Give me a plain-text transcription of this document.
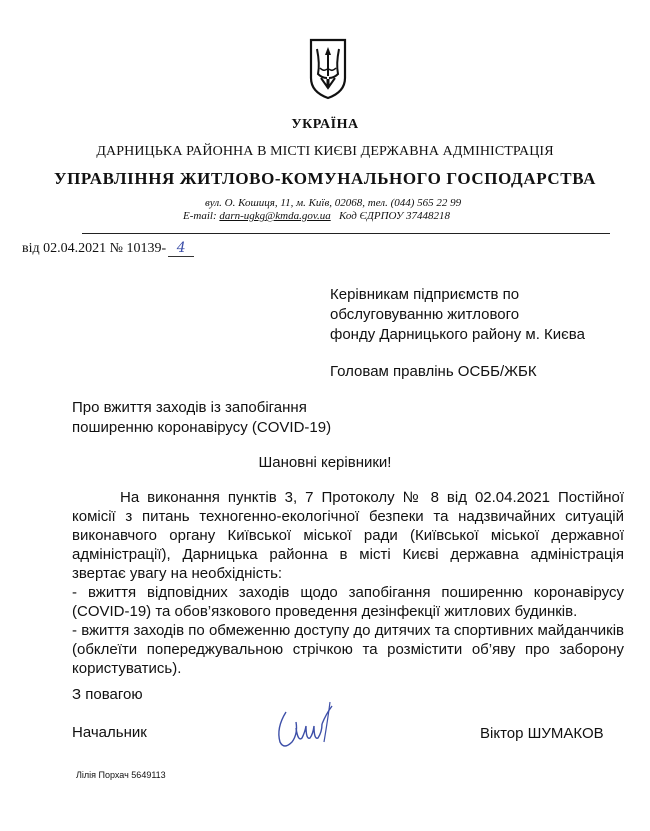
УКРАЇНА
ДАРНИЦЬКА РАЙОННА В МІСТІ КИЄВІ ДЕРЖАВНА АДМІНІСТРАЦІЯ
УПРАВЛІННЯ ЖИТЛОВО-КОМУНАЛЬНОГО ГОСПОДАРСТВА
вул. О. Кошиця, 11, м. Київ, 02068, тел. (044) 565 22 99
E-mail: darn-ugkg@kmda.gov.ua Код ЄДРПОУ 37448218
від 02.04.2021 № 10139- 4
Керівникам підприємств по
обслуговуванню житлового
фонду Дарницького району м. Києва
Головам правлінь ОСББ/ЖБК
Про вжиття заходів із запобігання
поширенню коронавірусу (COVID-19)
Шановні керівники!

На виконання пунктів 3, 7 Протоколу № 8 від 02.04.2021 Постійної комісії з питань техногенно-екологічної безпеки та надзвичайних ситуацій виконавчого органу Київської міської ради (Київської міської державної адміністрації), Дарницька районна в місті Києві державна адміністрація звертає увагу на необхідність:

- вжиття відповідних заходів щодо запобігання поширенню коронавірусу (COVID-19) та обов’язкового проведення дезінфекції житлових будинків.

- вжиття заходів по обмеженню доступу до дитячих та спортивних майданчиків (обклеїти попереджувальною стрічкою та розмістити об’яву про заборону користуватись).

З повагою
Начальник	Віктор ШУМАКОВ
Лілія Порхач 5649113
